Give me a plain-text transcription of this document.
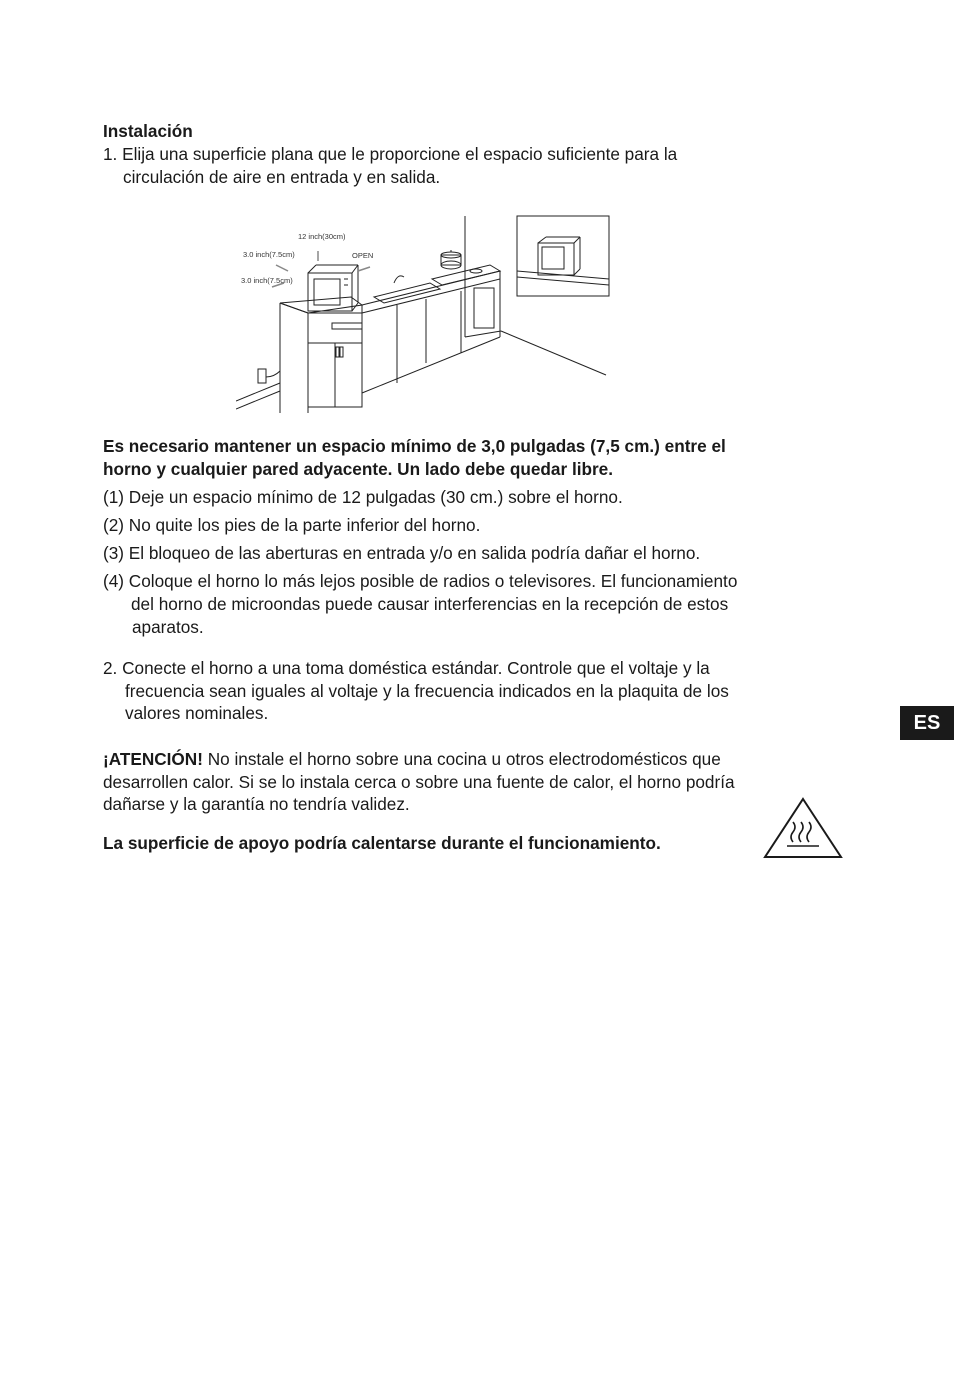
Instalación
1. Elija una superficie plana que le proporcione el espacio suficiente para la
circulación de aire en entrada y en salida.
12 inch(30cm)
3.0 inch(7.5cm)	OPEN
3.0 inch(7.5cm)
Es necesario mantener un espacio mínimo de 3,0 pulgadas (7,5 cm.) entre el
horno y cualquier pared adyacente. Un lado debe quedar libre.
(1) Deje un espacio mínimo de 12 pulgadas (30 cm.) sobre el horno.
(2) No quite los pies de la parte inferior del horno.
(3) El bloqueo de las aberturas en entrada y/o en salida podría dañar el horno.
(4) Coloque el horno lo más lejos posible de radios o televisores. El funcionamiento
del horno de microondas puede causar interferencias en la recepción de estos
aparatos.
2. Conecte el horno a una toma doméstica estándar. Controle que el voltaje y la
frecuencia sean iguales al voltaje y la frecuencia indicados en la plaquita de los
valores nominales.
¡ATENCIÓN! No instale el horno sobre una cocina u otros electrodomésticos que
desarrollen calor. Si se lo instala cerca o sobre una fuente de calor, el horno podría
dañarse y la garantía no tendría validez.
La superficie de apoyo podría calentarse durante el funcionamiento.
ES
